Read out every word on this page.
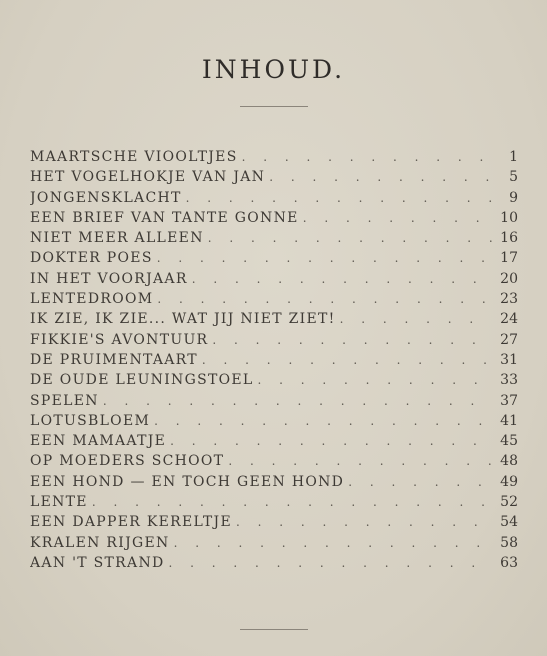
INHOUD.
MAARTSCHE VIOOLTJES . . .	1
HET VOGELHOKJE VAN JAN . . .	5
JONGENSKLACHT . . .	9
EEN BRIEF VAN TANTE GONNE . . .	10
NIET MEER ALLEEN . . .	16
DOKTER POES . . .	17
IN HET VOORJAAR . . .	20
LENTEDROOM . . .	23
IK ZIE, IK ZIE... WAT JIJ NIET ZIET! . . .	24
FIKKIE'S AVONTUUR . . .	27
DE PRUIMENTAART . . .	31
DE OUDE LEUNINGSTOEL . . .	33
SPELEN . . .	37
LOTUSBLOEM . . .	41
EEN MAMAATJE . . .	45
OP MOEDERS SCHOOT . . .	48
EEN HOND — EN TOCH GEEN HOND . . .	49
LENTE . . .	52
EEN DAPPER KERELTJE . . .	54
KRALEN RIJGEN . . .	58
AAN 'T STRAND . . .	63
